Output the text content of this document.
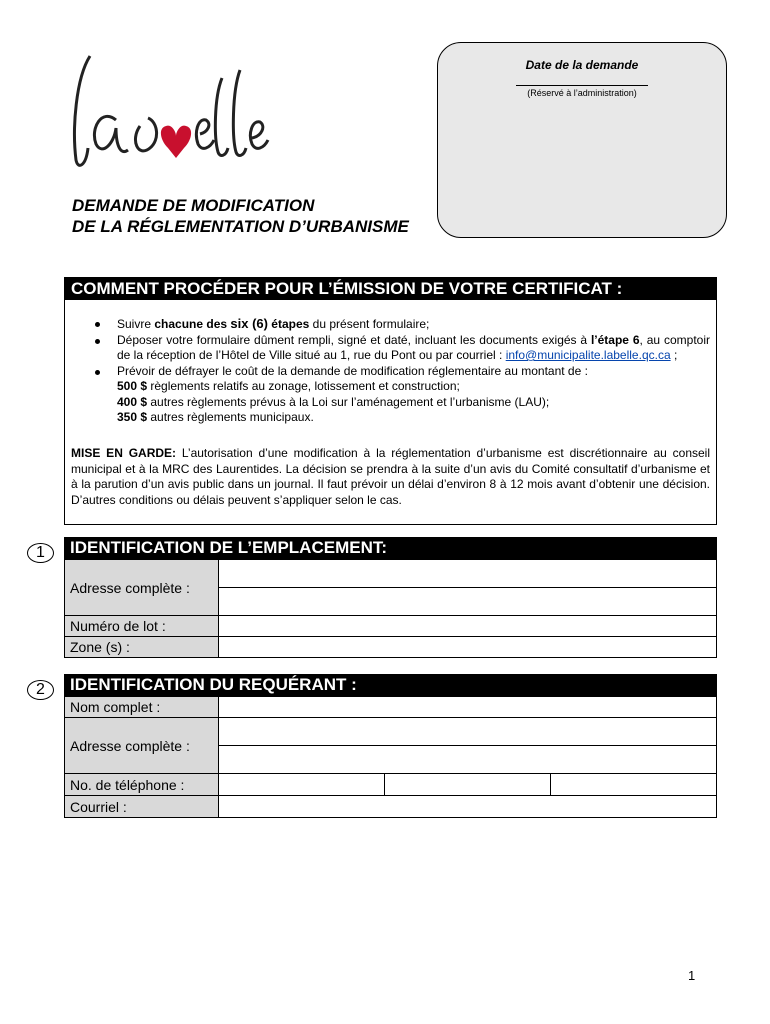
DEMANDE DE MODIFICATION
DE LA RÉGLEMENTATION D’URBANISME
Date de la demande
(Réservé à l’administration)
COMMENT PROCÉDER POUR L’ÉMISSION DE VOTRE CERTIFICAT :
Suivre chacune des six (6) étapes du présent formulaire;
Déposer votre formulaire dûment rempli, signé et daté, incluant les documents exigés à l’étape 6, au comptoir de la réception de l’Hôtel de Ville situé au 1, rue du Pont ou par courriel : info@municipalite.labelle.qc.ca ;
Prévoir de défrayer le coût de la demande de modification réglementaire au montant de :
500 $ règlements relatifs au zonage, lotissement et construction;
400 $ autres règlements prévus à la Loi sur l’aménagement et l’urbanisme (LAU);
350 $ autres règlements municipaux.
MISE EN GARDE: L’autorisation d’une modification à la réglementation d’urbanisme est discrétionnaire au conseil municipal et à la MRC des Laurentides. La décision se prendra à la suite d’un avis du Comité consultatif d’urbanisme et à la parution d’un avis public dans un journal. Il faut prévoir un délai d’environ 8 à 12 mois avant d’obtenir une décision. D’autres conditions ou délais peuvent s’appliquer selon le cas.
1	IDENTIFICATION DE L’EMPLACEMENT:
Adresse complète :	

Numéro de lot :	
Zone (s) :	
2	IDENTIFICATION DU REQUÉRANT :
Nom complet :			
Adresse complète :			

No. de téléphone :			
Courriel :			
1
